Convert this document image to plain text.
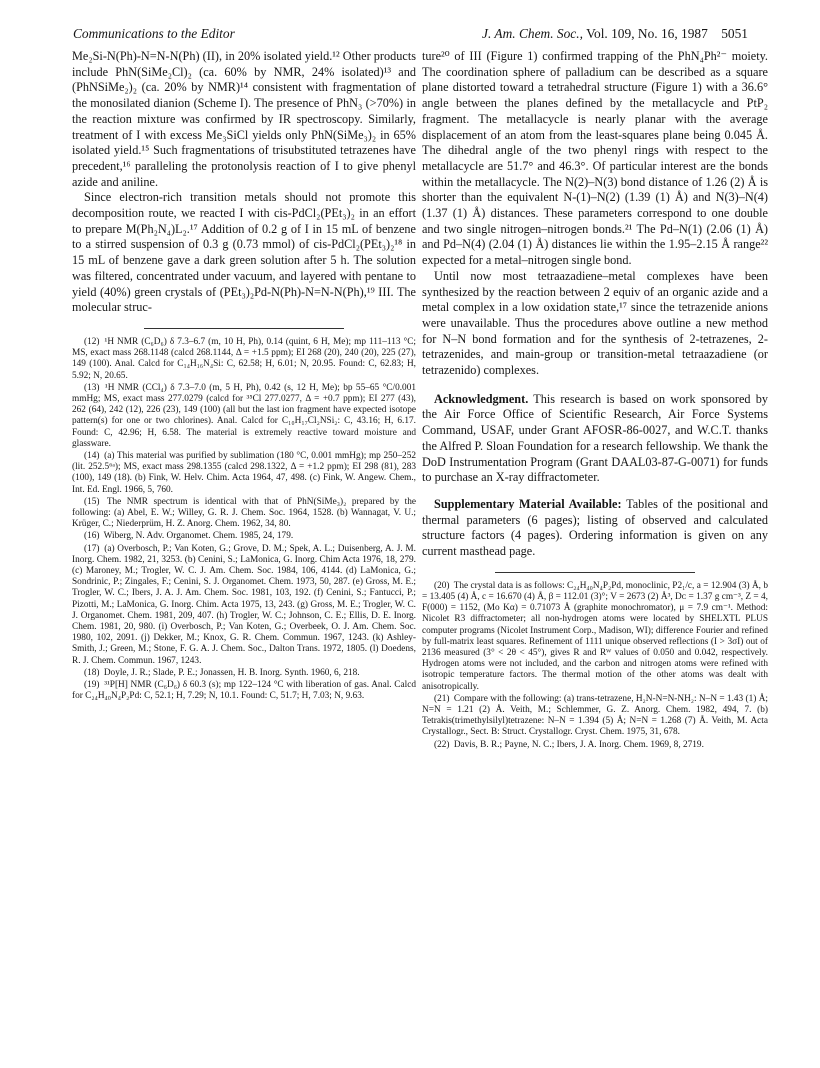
Communications to the Editor	J. Am. Chem. Soc., Vol. 109, No. 16, 1987 5051

Me₂Si-N(Ph)-N=N-N(Ph) (II), in 20% isolated yield.¹² Other products include PhN(SiMe₂Cl)₂ (ca. 60% by NMR, 24% isolated)¹³ and (PhNSiMe₂)₂ (ca. 20% by NMR)¹⁴ consistent with fragmentation of the monosilated dianion (Scheme I). The presence of PhN₃ (>70%) in the reaction mixture was confirmed by IR spectroscopy. Similarly, treatment of I with excess Me₃SiCl yields only PhN(SiMe₃)₂ in 65% isolated yield.¹⁵ Such fragmentations of trisubstituted tetrazenes have precedent,¹⁶ paralleling the protonolysis reaction of I to give phenyl azide and aniline.

Since electron-rich transition metals should not promote this decomposition route, we reacted I with cis-PdCl₂(PEt₃)₂ in an effort to prepare M(Ph₂N₄)L₂.¹⁷ Addition of 0.2 g of I in 15 mL of benzene to a stirred suspension of 0.3 g (0.73 mmol) of cis-PdCl₂(PEt₃)₂¹⁸ in 15 mL of benzene gave a dark green solution after 5 h. The solution was filtered, concentrated under vacuum, and layered with pentane to yield (40%) green crystals of (PEt₃)₂Pd-N(Ph)-N=N-N(Ph),¹⁹ III. The molecular struc-

(12) ¹H NMR (C₆D₆) δ 7.3–6.7 (m, 10 H, Ph), 0.14 (quint, 6 H, Me); mp 111–113 °C; MS, exact mass 268.1148 (calcd 268.1144, Δ = +1.5 ppm); EI 268 (20), 240 (20), 225 (27), 149 (100). Anal. Calcd for C₁₄H₁₆N₄Si: C, 62.58; H, 6.01; N, 20.95. Found: C, 62.83; H, 5.92; N, 20.65.
(13) ¹H NMR (CCl₄) δ 7.3–7.0 (m, 5 H, Ph), 0.42 (s, 12 H, Me); bp 55–65 °C/0.001 mmHg; MS, exact mass 277.0279 (calcd for ³⁵Cl 277.0277, Δ = +0.7 ppm); EI 277 (43), 262 (64), 242 (12), 226 (23), 149 (100) (all but the last ion fragment have expected isotope pattern(s) for one or two chlorines). Anal. Calcd for C₁₀H₁₇Cl₂NSi₂: C, 43.16; H, 6.17. Found: C, 42.96; H, 6.58. The material is extremely reactive toward moisture and glassware.
(14) (a) This material was purified by sublimation (180 °C, 0.001 mmHg); mp 250–252 (lit. 252.5⁶ᵃ); MS, exact mass 298.1355 (calcd 298.1322, Δ = +1.2 ppm); EI 298 (81), 283 (100), 149 (18). (b) Fink, W. Helv. Chim. Acta 1964, 47, 498. (c) Fink, W. Angew. Chem., Int. Ed. Engl. 1966, 5, 760.
(15) The NMR spectrum is identical with that of PhN(SiMe₃)₂ prepared by the following: (a) Abel, E. W.; Willey, G. R. J. Chem. Soc. 1964, 1528. (b) Wannagat, V. U.; Krüger, C.; Niederprüm, H. Z. Anorg. Chem. 1962, 34, 80.
(16) Wiberg, N. Adv. Organomet. Chem. 1985, 24, 179.
(17) (a) Overbosch, P.; Van Koten, G.; Grove, D. M.; Spek, A. L.; Duisenberg, A. J. M. Inorg. Chem. 1982, 21, 3253. (b) Cenini, S.; LaMonica, G. Inorg. Chim Acta 1976, 18, 279. (c) Maroney, M.; Trogler, W. C. J. Am. Chem. Soc. 1984, 106, 4144. (d) LaMonica, G.; Sondrinic, P.; Zingales, F.; Cenini, S. J. Organomet. Chem. 1973, 50, 287. (e) Gross, M. E.; Trogler, W. C.; Ibers, J. A. J. Am. Chem. Soc. 1981, 103, 192. (f) Cenini, S.; Fantucci, P.; Pizotti, M.; LaMonica, G. Inorg. Chim. Acta 1975, 13, 243. (g) Gross, M. E.; Trogler, W. C. J. Organomet. Chem. 1981, 209, 407. (h) Trogler, W. C.; Johnson, C. E.; Ellis, D. E. Inorg. Chem. 1981, 20, 980. (i) Overbosch, P.; Van Koten, G.; Overbeek, O. J. Am. Chem. Soc. 1980, 102, 2091. (j) Dekker, M.; Knox, G. R. Chem. Commun. 1967, 1243. (k) Ashley-Smith, J.; Green, M.; Stone, F. G. A. J. Chem. Soc., Dalton Trans. 1972, 1805. (l) Doedens, R. J. Chem. Commun. 1967, 1243.
(18) Doyle, J. R.; Slade, P. E.; Jonassen, H. B. Inorg. Synth. 1960, 6, 218.
(19) ³¹P[H] NMR (C₆D₆) δ 60.3 (s); mp 122–124 °C with liberation of gas. Anal. Calcd for C₂₄H₄₀N₄P₂Pd: C, 52.1; H, 7.29; N, 10.1. Found: C, 51.7; H, 7.03; N, 9.63.

ture²⁰ of III (Figure 1) confirmed trapping of the PhN₄Ph²⁻ moiety. The coordination sphere of palladium can be described as a square plane distorted toward a tetrahedral structure (Figure 1) with a 36.6° angle between the planes defined by the metallacycle and PtP₂ fragment. The metallacycle is nearly planar with the average displacement of an atom from the least-squares plane being 0.045 Å. The dihedral angle of the two phenyl rings with respect to the metallacycle are 51.7° and 46.3°. Of particular interest are the bonds within the metallacycle. The N(2)–N(3) bond distance of 1.26 (2) Å is shorter than the equivalent N-(1)–N(2) (1.39 (1) Å) and N(3)–N(4) (1.37 (1) Å) distances. These parameters correspond to one double and two single nitrogen–nitrogen bonds.²¹ The Pd–N(1) (2.06 (1) Å) and Pd–N(4) (2.04 (1) Å) distances lie within the 1.95–2.15 Å range²² expected for a metal–nitrogen single bond.

Until now most tetraazadiene–metal complexes have been synthesized by the reaction between 2 equiv of an organic azide and a metal complex in a low oxidation state,¹⁷ since the tetrazenide anions were unavailable. Thus the procedures above outline a new method for N–N bond formation and for the synthesis of 2-tetrazenes, 2-tetrazenides, and main-group or transition-metal tetraazadiene (or tetrazenido) complexes.

Acknowledgment. This research is based on work sponsored by the Air Force Office of Scientific Research, Air Force Systems Command, USAF, under Grant AFOSR-86-0027, and W.C.T. thanks the Alfred P. Sloan Foundation for a research fellowship. We thank the DoD Instrumentation Program (Grant DAAL03-87-G-0071) for funds to purchase an X-ray diffractometer.

Supplementary Material Available: Tables of the positional and thermal parameters (6 pages); listing of observed and calculated structure factors (4 pages). Ordering information is given on any current masthead page.

(20) The crystal data is as follows: C₂₄H₄₀N₄P₂Pd, monoclinic, P2₁/c, a = 12.904 (3) Å, b = 13.405 (4) Å, c = 16.670 (4) Å, β = 112.01 (3)°; V = 2673 (2) Å³, Dᴄ = 1.37 g cm⁻³, Z = 4, F(000) = 1152, (Mo Kα) = 0.71073 Å (graphite monochromator), μ = 7.9 cm⁻¹. Method: Nicolet R3 diffractometer; all non-hydrogen atoms were located by SHELXTL PLUS computer programs (Nicolet Instrument Corp., Madison, WI); difference Fourier and refined by full-matrix least squares. Refinement of 1111 unique observed reflections (I > 3σI) out of 2136 measured (3° < 2θ < 45°), gives R and Rᵂ values of 0.050 and 0.042, respectively. Hydrogen atoms were not included, and the carbon and nitrogen atoms were refined with isotropic temperature factors. The thermal motion of the other atoms was dealt with anisotropically.
(21) Compare with the following: (a) trans-tetrazene, H₂N-N=N-NH₂: N–N = 1.43 (1) Å; N=N = 1.21 (2) Å. Veith, M.; Schlemmer, G. Z. Anorg. Chem. 1982, 494, 7. (b) Tetrakis(trimethylsilyl)tetrazene: N–N = 1.394 (5) Å; N=N = 1.268 (7) Å. Veith, M. Acta Crystallogr., Sect. B: Struct. Crystallogr. Cryst. Chem. 1975, 31, 678.
(22) Davis, B. R.; Payne, N. C.; Ibers, J. A. Inorg. Chem. 1969, 8, 2719.
